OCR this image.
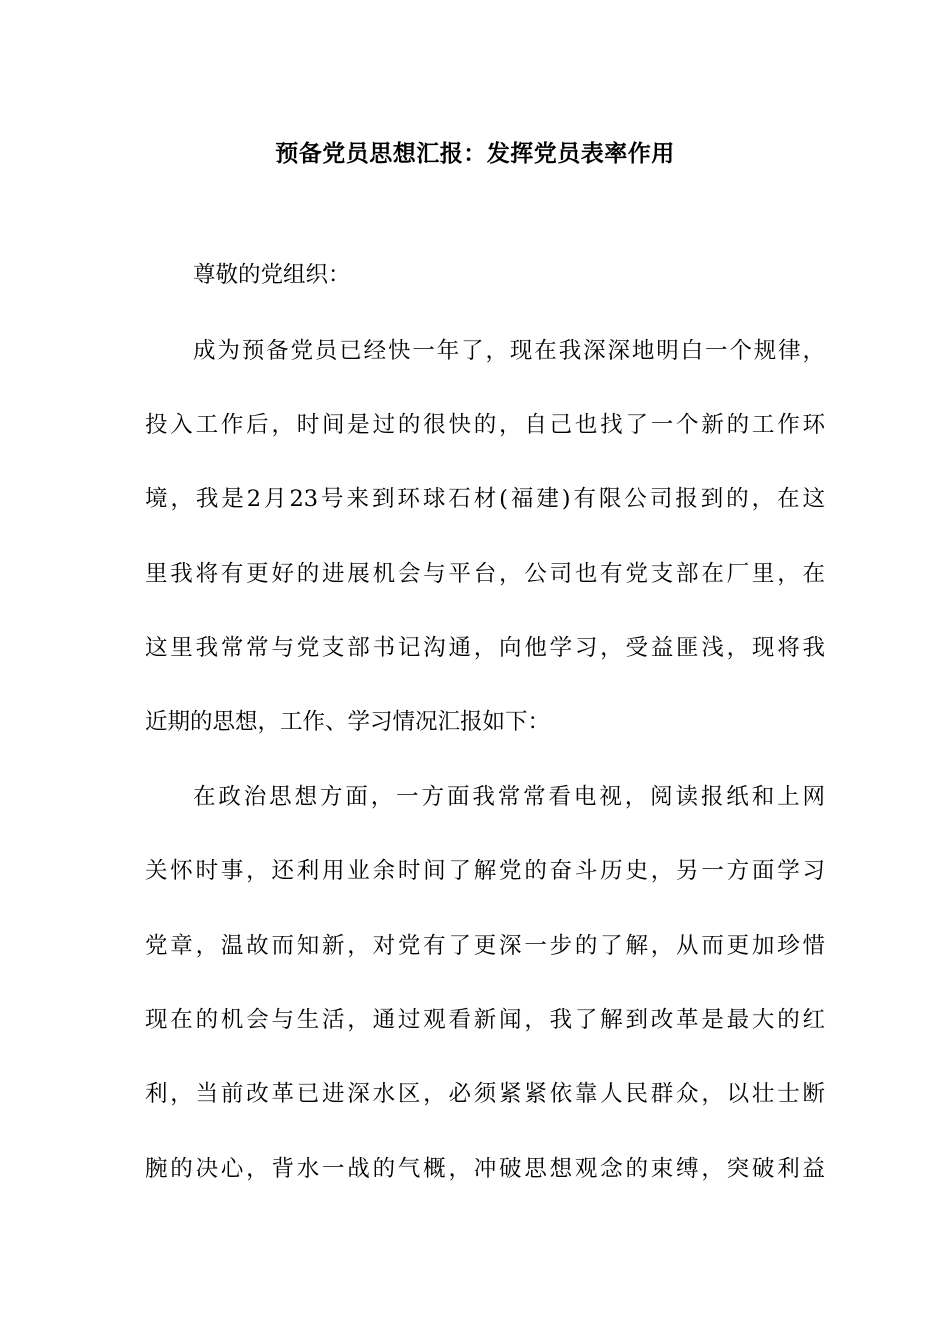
预备党员思想汇报：发挥党员表率作用
尊敬的党组织：
成为预备党员已经快一年了，现在我深深地明白一个规律，
投入工作后，时间是过的很快的，自己也找了一个新的工作环
境，我是2月23号来到环球石材(福建)有限公司报到的，在这
里我将有更好的进展机会与平台，公司也有党支部在厂里，在
这里我常常与党支部书记沟通，向他学习，受益匪浅，现将我
近期的思想，工作、学习情况汇报如下：
在政治思想方面，一方面我常常看电视，阅读报纸和上网
关怀时事，还利用业余时间了解党的奋斗历史，另一方面学习
党章，温故而知新，对党有了更深一步的了解，从而更加珍惜
现在的机会与生活，通过观看新闻，我了解到改革是最大的红
利，当前改革已进深水区，必须紧紧依靠人民群众，以壮士断
腕的决心，背水一战的气概，冲破思想观念的束缚，突破利益
